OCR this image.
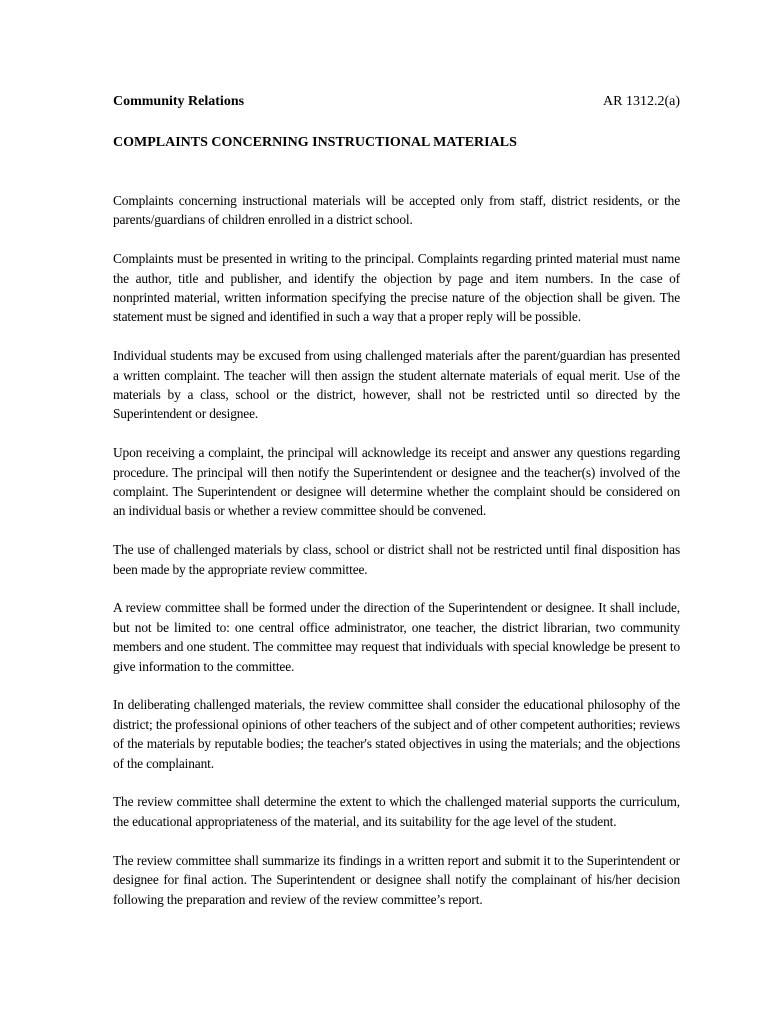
Community Relations	AR 1312.2(a)
COMPLAINTS CONCERNING INSTRUCTIONAL MATERIALS

Complaints concerning instructional materials will be accepted only from staff, district residents, or the parents/guardians of children enrolled in a district school.

Complaints must be presented in writing to the principal. Complaints regarding printed material must name the author, title and publisher, and identify the objection by page and item numbers. In the case of nonprinted material, written information specifying the precise nature of the objection shall be given. The statement must be signed and identified in such a way that a proper reply will be possible.

Individual students may be excused from using challenged materials after the parent/guardian has presented a written complaint. The teacher will then assign the student alternate materials of equal merit. Use of the materials by a class, school or the district, however, shall not be restricted until so directed by the Superintendent or designee.

Upon receiving a complaint, the principal will acknowledge its receipt and answer any questions regarding procedure. The principal will then notify the Superintendent or designee and the teacher(s) involved of the complaint. The Superintendent or designee will determine whether the complaint should be considered on an individual basis or whether a review committee should be convened.

The use of challenged materials by class, school or district shall not be restricted until final disposition has been made by the appropriate review committee.

A review committee shall be formed under the direction of the Superintendent or designee. It shall include, but not be limited to: one central office administrator, one teacher, the district librarian, two community members and one student. The committee may request that individuals with special knowledge be present to give information to the committee.

In deliberating challenged materials, the review committee shall consider the educational philosophy of the district; the professional opinions of other teachers of the subject and of other competent authorities; reviews of the materials by reputable bodies; the teacher's stated objectives in using the materials; and the objections of the complainant.

The review committee shall determine the extent to which the challenged material supports the curriculum, the educational appropriateness of the material, and its suitability for the age level of the student.

The review committee shall summarize its findings in a written report and submit it to the Superintendent or designee for final action. The Superintendent or designee shall notify the complainant of his/her decision following the preparation and review of the review committee’s report.
